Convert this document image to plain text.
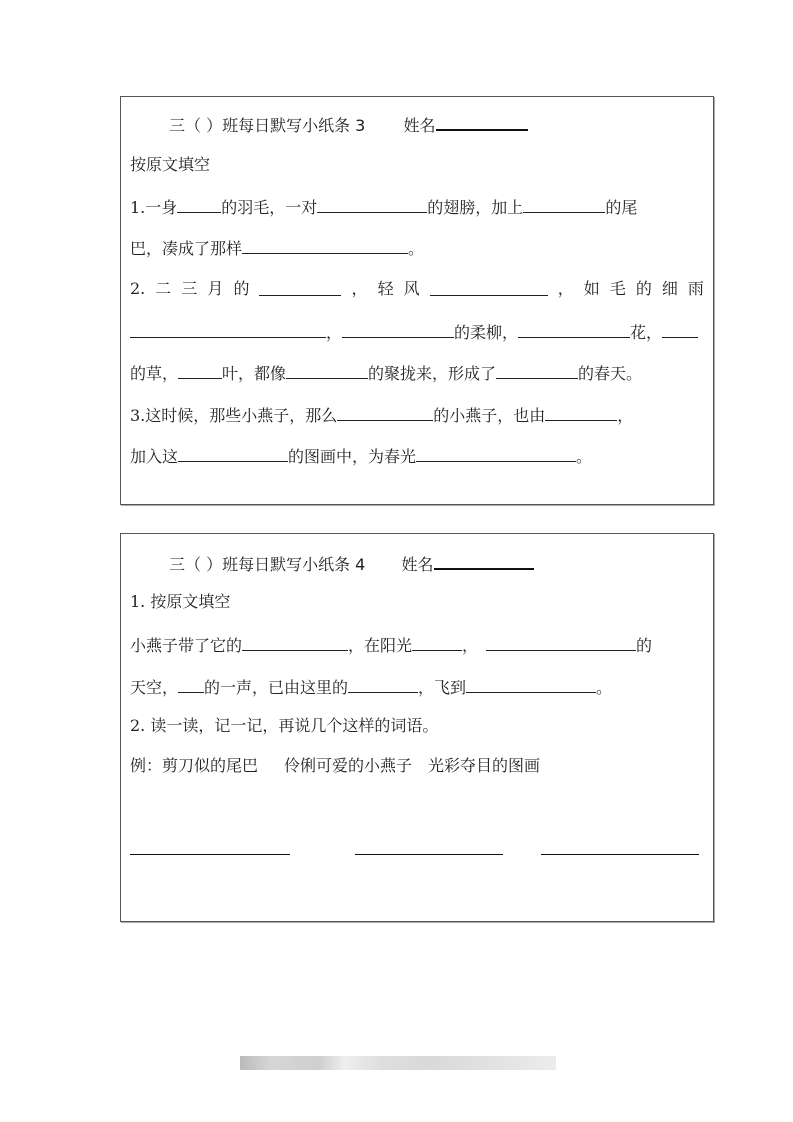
三（ ）班每日默写小纸条 3 姓名
按原文填空
1.一身	的羽毛，一对	的翅膀，加上	的尾
巴，凑成了那样	。
2. 二 三 月 的	， 轻 风	， 如 毛 的 细 雨
，	的柔柳，	花，
的草，	叶，都像	的聚拢来，形成了	的春天。
3.这时候，那些小燕子，那么	的小燕子，也由	，
加入这	的图画中，为春光	。
三（ ）班每日默写小纸条 4 姓名
1. 按原文填空
小燕子带了它的	，在阳光	，	的
天空， 的一声，已由这里的	，飞到	。
2. 读一读，记一记，再说几个这样的词语。
例：剪刀似的尾巴 伶俐可爱的小燕子 光彩夺目的图画
